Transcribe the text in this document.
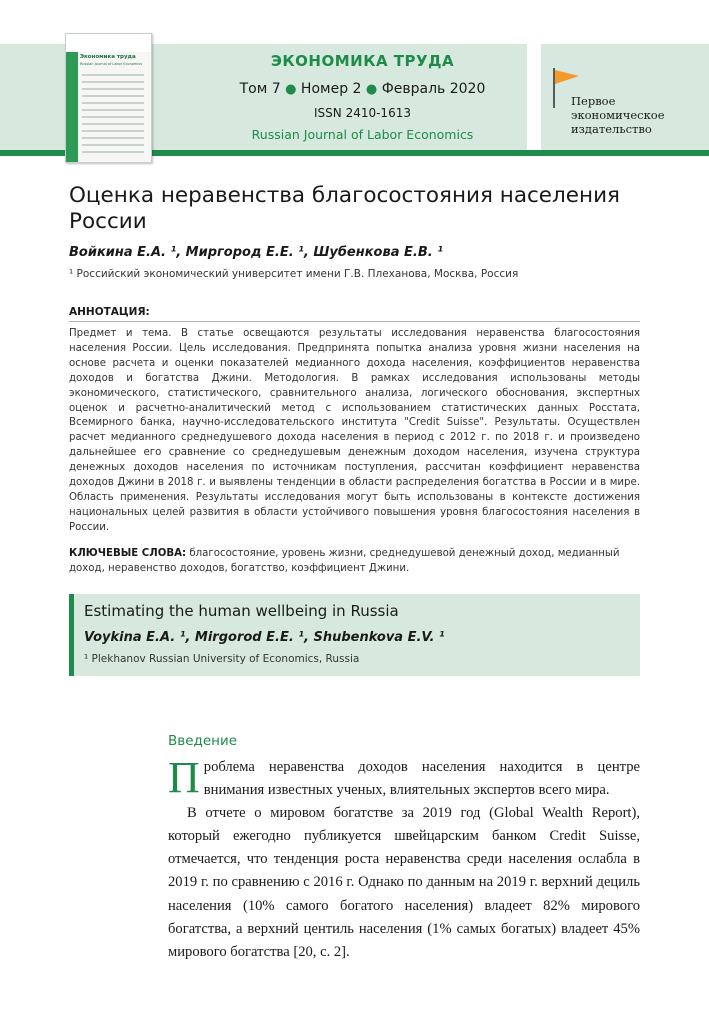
Экономика труда
Russian Journal of Labor Economics	ЭКОНОМИКА ТРУДА
Том 7 ● Номер 2 ● Февраль 2020
ISSN 2410-1613
Russian Journal of Labor Economics
Первое
экономическое
издательство
Оценка неравенства благосостояния населения России
Войкина Е.А. ¹, Миргород Е.Е. ¹, Шубенкова Е.В. ¹
¹ Российский экономический университет имени Г.В. Плеханова, Москва, Россия
АННОТАЦИЯ:
Предмет и тема. В статье освещаются результаты исследования неравенства благосостояния населения России. Цель исследования. Предпринята попытка анализа уровня жизни населения на основе расчета и оценки показателей медианного дохода населения, коэффициентов неравенства доходов и богатства Джини. Методология. В рамках исследования использованы методы экономического, статистического, сравнительного анализа, логического обоснования, экспертных оценок и расчетно-аналитический метод с использованием статистических данных Росстата, Всемирного банка, научно-исследовательского института "Credit Suisse". Результаты. Осуществлен расчет медианного среднедушевого дохода населения в период с 2012 г. по 2018 г. и произведено дальнейшее его сравнение со среднедушевым денежным доходом населения, изучена структура денежных доходов населения по источникам поступления, рассчитан коэффициент неравенства доходов Джини в 2018 г. и выявлены тенденции в области распределения богатства в России и в мире. Область применения. Результаты исследования могут быть использованы в контексте достижения национальных целей развития в области устойчивого повышения уровня благосостояния населения в России.
КЛЮЧЕВЫЕ СЛОВА: благосостояние, уровень жизни, среднедушевой денежный доход, медианный доход, неравенство доходов, богатство, коэффициент Джини.
Estimating the human wellbeing in Russia
Voykina E.A. ¹, Mirgorod E.E. ¹, Shubenkova E.V. ¹
¹ Plekhanov Russian University of Economics, Russia
Введение

Проблема неравенства доходов населения находится в центре внимания известных ученых, влиятельных экспертов всего мира.

В отчете о мировом богатстве за 2019 год (Global Wealth Report), который ежегодно публикуется швейцарским банком Credit Suisse, отмечается, что тенденция роста неравенства среди населения ослабла в 2019 г. по сравнению с 2016 г. Однако по данным на 2019 г. верхний дециль населения (10% самого богатого населения) владеет 82% мирового богатства, а верхний центиль населения (1% самых богатых) владеет 45% мирового богатства [20, с. 2].
